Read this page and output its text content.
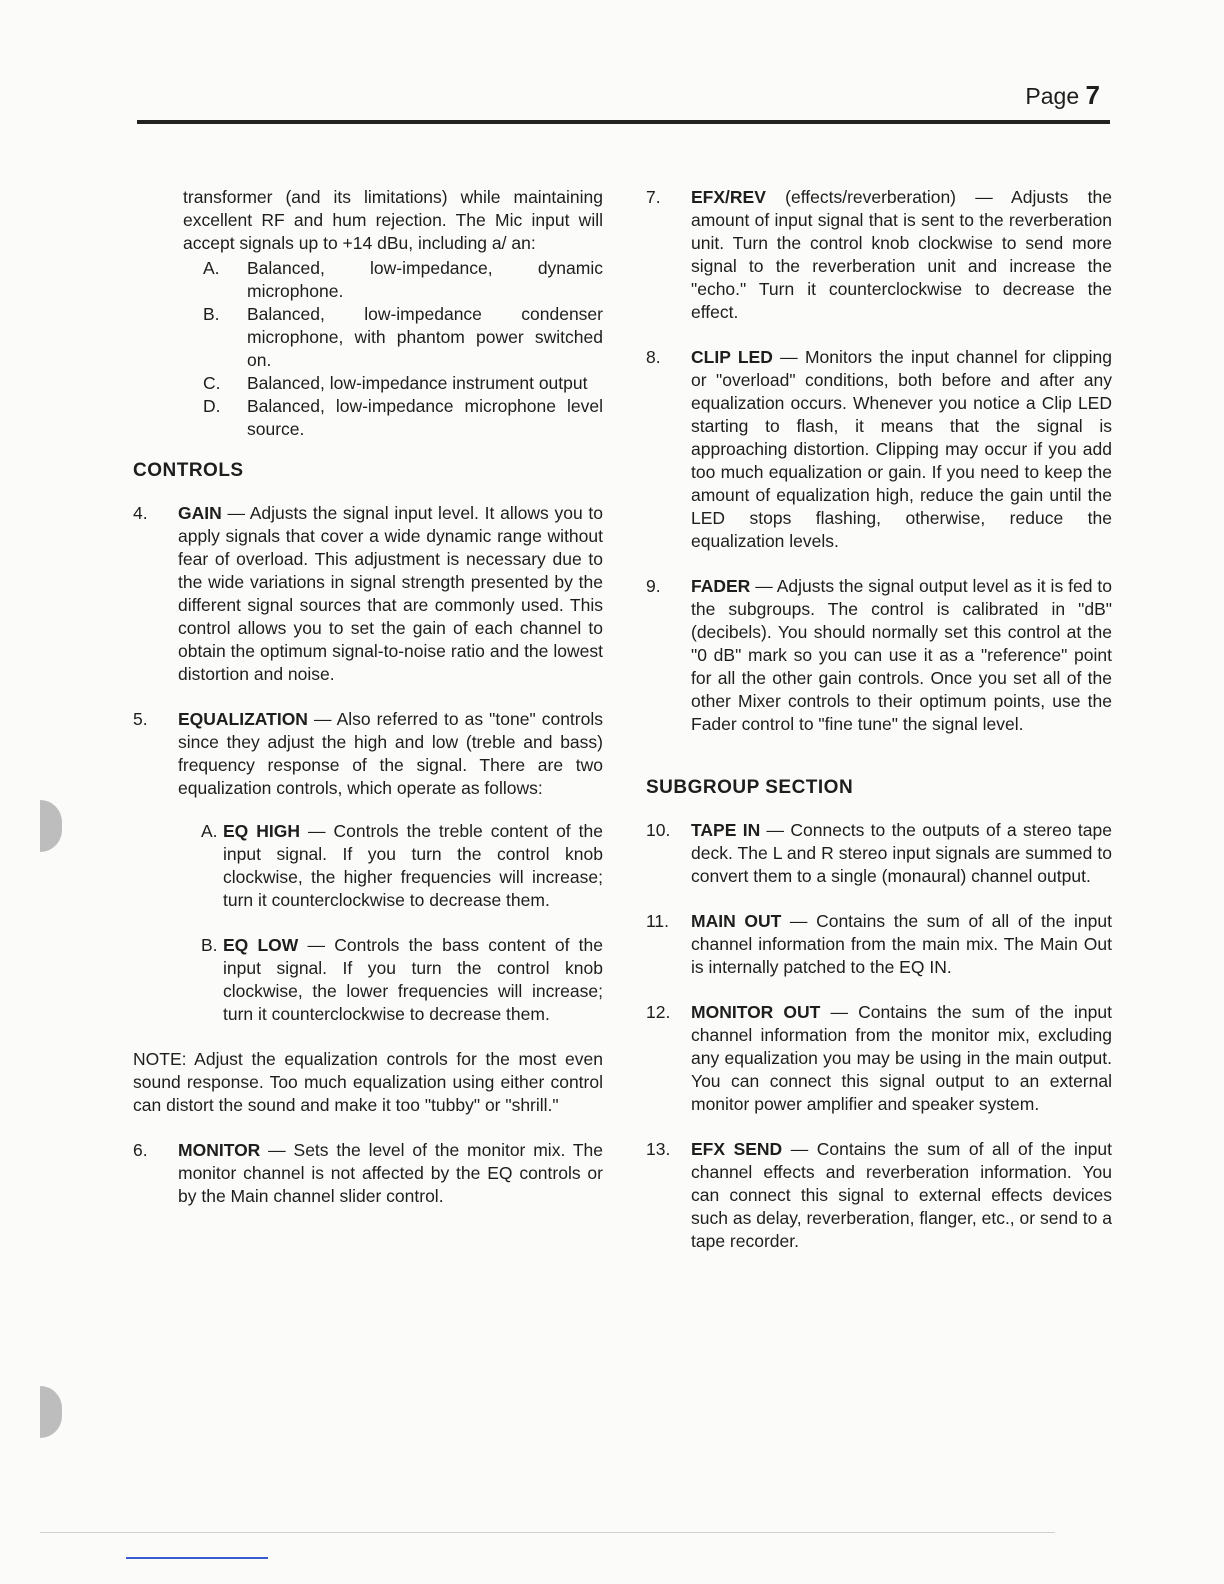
Page 7

transformer (and its limitations) while maintaining excellent RF and hum rejection. The Mic input will accept signals up to +14 dBu, including a/ an:

A.	Balanced, low-impedance, dynamic microphone.
B.	Balanced, low-impedance condenser microphone, with phantom power switched on.
C.	Balanced, low-impedance instrument output
D.	Balanced, low-impedance microphone level source.

CONTROLS

4.	GAIN — Adjusts the signal input level. It allows you to apply signals that cover a wide dynamic range without fear of overload. This adjustment is necessary due to the wide variations in signal strength presented by the different signal sources that are commonly used. This control allows you to set the gain of each channel to obtain the optimum signal-to-noise ratio and the lowest distortion and noise.
5.	EQUALIZATION — Also referred to as "tone" controls since they adjust the high and low (treble and bass) frequency response of the signal. There are two equalization controls, which operate as follows:
A. EQ HIGH — Controls the treble content of the input signal. If you turn the control knob clockwise, the higher frequencies will increase; turn it counterclockwise to decrease them.
B. EQ LOW — Controls the bass content of the input signal. If you turn the control knob clockwise, the lower frequencies will increase; turn it counterclockwise to decrease them.

NOTE: Adjust the equalization controls for the most even sound response. Too much equalization using either control can distort the sound and make it too "tubby" or "shrill."

6.	MONITOR — Sets the level of the monitor mix. The monitor channel is not affected by the EQ controls or by the Main channel slider control.
7.	EFX/REV (effects/reverberation) — Adjusts the amount of input signal that is sent to the reverberation unit. Turn the control knob clockwise to send more signal to the reverberation unit and increase the "echo." Turn it counterclockwise to decrease the effect.
8.	CLIP LED — Monitors the input channel for clipping or "overload" conditions, both before and after any equalization occurs. Whenever you notice a Clip LED starting to flash, it means that the signal is approaching distortion. Clipping may occur if you add too much equalization or gain. If you need to keep the amount of equalization high, reduce the gain until the LED stops flashing, otherwise, reduce the equalization levels.
9.	FADER — Adjusts the signal output level as it is fed to the subgroups. The control is calibrated in "dB" (decibels). You should normally set this control at the "0 dB" mark so you can use it as a "reference" point for all the other gain controls. Once you set all of the other Mixer controls to their optimum points, use the Fader control to "fine tune" the signal level.

SUBGROUP SECTION

10.	TAPE IN — Connects to the outputs of a stereo tape deck. The L and R stereo input signals are summed to convert them to a single (monaural) channel output.
11.	MAIN OUT — Contains the sum of all of the input channel information from the main mix. The Main Out is internally patched to the EQ IN.
12.	MONITOR OUT — Contains the sum of the input channel information from the monitor mix, excluding any equalization you may be using in the main output. You can connect this signal output to an external monitor power amplifier and speaker system.
13.	EFX SEND — Contains the sum of all of the input channel effects and reverberation information. You can connect this signal to external effects devices such as delay, reverberation, flanger, etc., or send to a tape recorder.
